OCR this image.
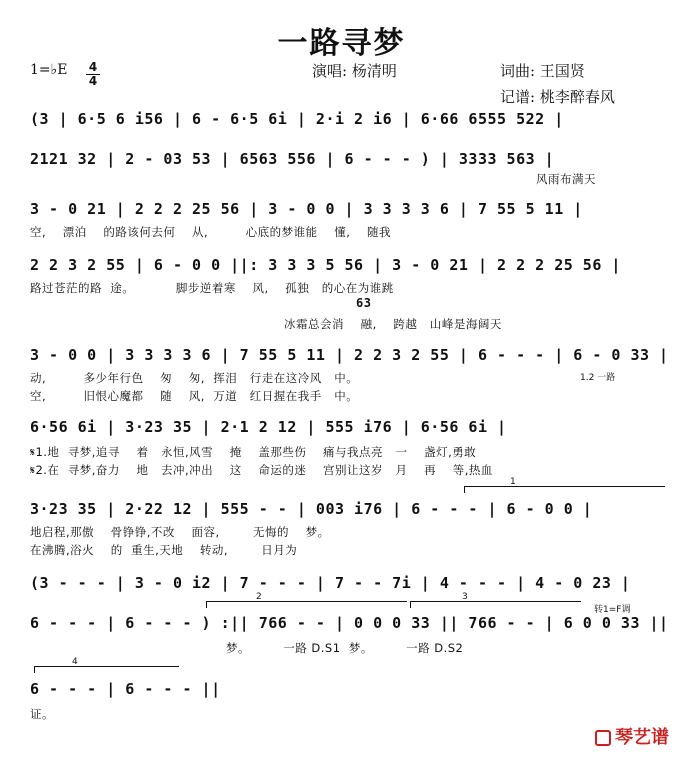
一路寻梦
1=♭E 4
4
演唱: 杨清明	词曲: 王国贤
记谱: 桃李醉春风
(3 | 6·5 6 i56 | 6 - 6·5 6i | 2·i 2 i6 | 6·66 6555 522 |
2121 32 | 2 - 03 53 | 6563 556 | 6 - - - ) | 3333 563 |
风雨布满天
3 - 0 21 | 2 2 2 25 56 | 3 - 0 0 | 3 3 3 3 6 | 7 55 5 11 |
空,    漂泊    的路该何去何    从,         心底的梦谁能    懂,    随我
2 2 3 2 55 | 6 - 0 0 ||: 3 3 3 5 56 | 3 - 0 21 | 2 2 2 25 56 |
路过苍茫的路  途。          脚步逆着寒    风,    孤独   的心在为谁跳
63
冰霜总会消    融,    跨越   山峰是海阔天
3 - 0 0 | 3 3 3 3 6 | 7 55 5 11 | 2 2 3 2 55 | 6 - - - | 6 - 0 33 |
动,         多少年行色    匆    匆,  挥泪   行走在这冷风   中。
空,         旧恨心魔都    随    风,  万道   红日握在我手   中。
1.2 一路
6·56 6i | 3·23 35 | 2·1 2 12 | 555 i76 | 6·56 6i |
𝄋1.地  寻梦,追寻    着   永恒,风雪    掩    盖那些伤    痛与我点亮   一    盏灯,勇敢
𝄋2.在  寻梦,奋力    地   去冲,冲出    这    命运的迷    宫别让这岁   月    再    等,热血
3·23 35 | 2·22 12 | 555 - - | 003 i76 | 6 - - - | 6 - 0 0 |
地启程,那傲    骨铮铮,不改    面容,        无悔的    梦。
在沸腾,浴火    的  重生,天地    转动,        日月为
(3 - - - | 3 - 0 i2 | 7 - - - | 7 - - 7i | 4 - - - | 4 - 0 23 |
6 - - - | 6 - - - ) :|| 766 - - | 0 0 0 33 || 766 - - | 6 0 0 33 ||
梦。        一路 D.S1  梦。        一路 D.S2
转1=F调
6 - - - | 6 - - - ||
证。
1
2	3
4
琴艺谱
